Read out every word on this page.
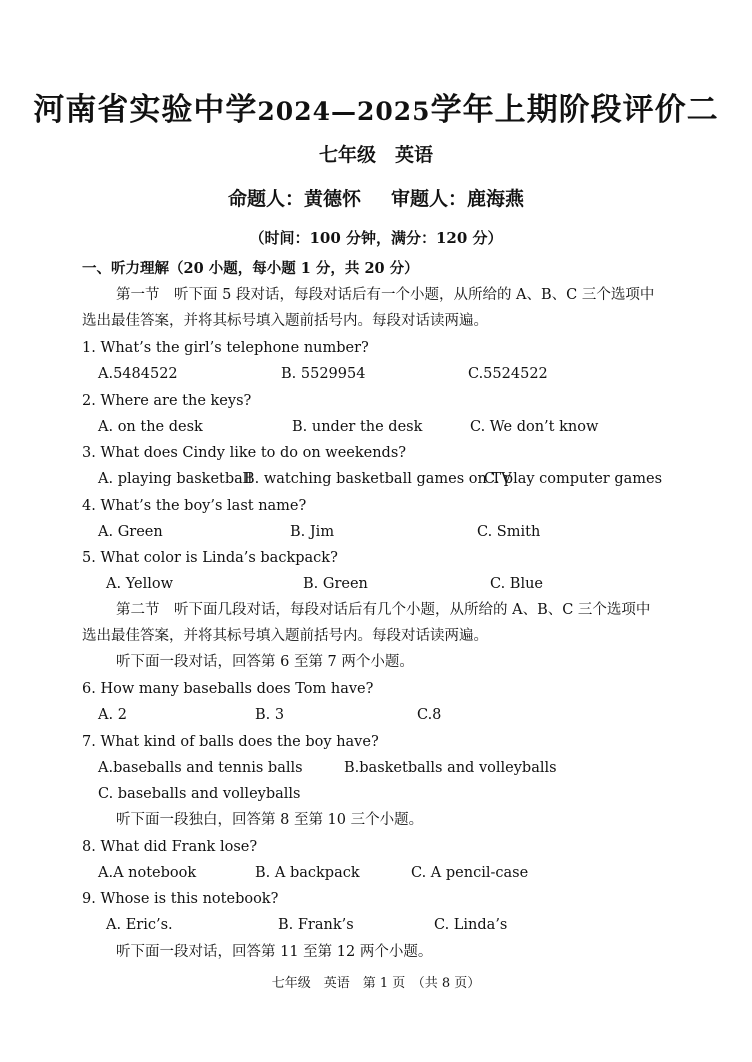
河南省实验中学2024—2025学年上期阶段评价二
七年级　英语
命题人：黄德怀 审题人：鹿海燕
（时间：100 分钟，满分：120 分）
一、听力理解（20 小题，每小题 1 分，共 20 分）
第一节　听下面 5 段对话，每段对话后有一个小题，从所给的 A、B、C 三个选项中
选出最佳答案，并将其标号填入题前括号内。每段对话读两遍。
1. What’s the girl’s telephone number?
A.5484522	B. 5529954	C.5524522
2. Where are the keys?
A. on the desk	B. under the desk	C. We don’t know
3. What does Cindy like to do on weekends?
A. playing basketball
B. watching basketball games on TV
C. play computer games
4. What’s the boy’s last name?
A. Green	B. Jim	C. Smith
5. What color is Linda’s backpack?
A. Yellow	B. Green	C. Blue
第二节　听下面几段对话，每段对话后有几个小题，从所给的 A、B、C 三个选项中
选出最佳答案，并将其标号填入题前括号内。每段对话读两遍。
听下面一段对话，回答第 6 至第 7 两个小题。
6. How many baseballs does Tom have?
A. 2	B. 3	C.8
7. What kind of balls does the boy have?
A.baseballs and tennis balls	B.basketballs and volleyballs
C. baseballs and volleyballs
听下面一段独白，回答第 8 至第 10 三个小题。
8. What did Frank lose?
A.A notebook	B. A backpack	C. A pencil-case
9. Whose is this notebook?
A. Eric’s.	B. Frank’s	C. Linda’s
听下面一段对话，回答第 11 至第 12 两个小题。
七年级　英语　第 1 页　（共 8 页）
